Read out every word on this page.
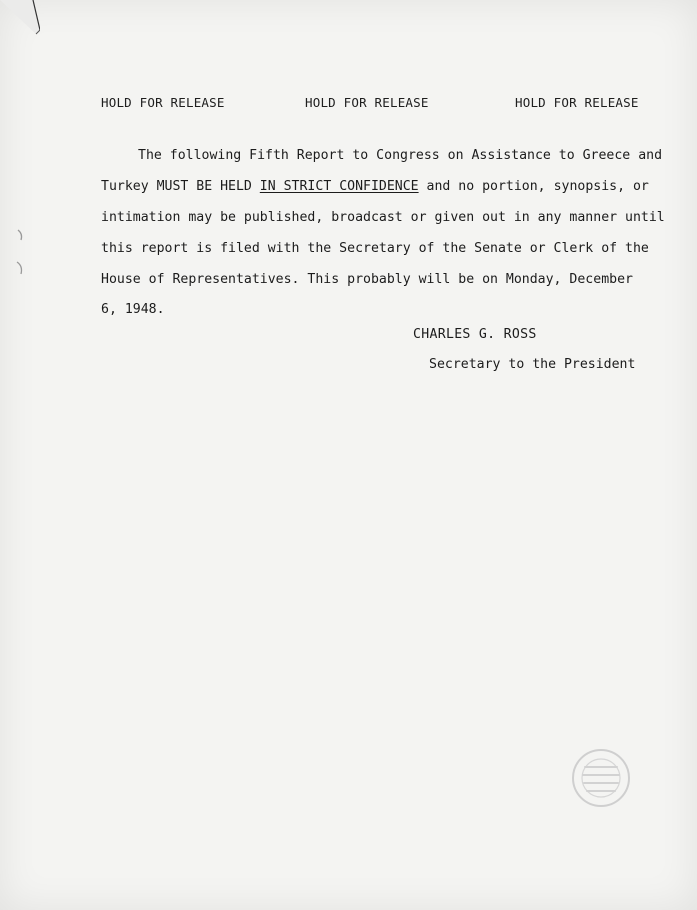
HOLD FOR RELEASE	HOLD FOR RELEASE	HOLD FOR RELEASE
The following Fifth Report to Congress on Assistance to Greece and
Turkey MUST BE HELD IN STRICT CONFIDENCE and no portion, synopsis, or
intimation may be published, broadcast or given out in any manner until
this report is filed with the Secretary of the Senate or Clerk of the
House of Representatives. This probably will be on Monday, December
6, 1948.
CHARLES G. ROSS
Secretary to the President
